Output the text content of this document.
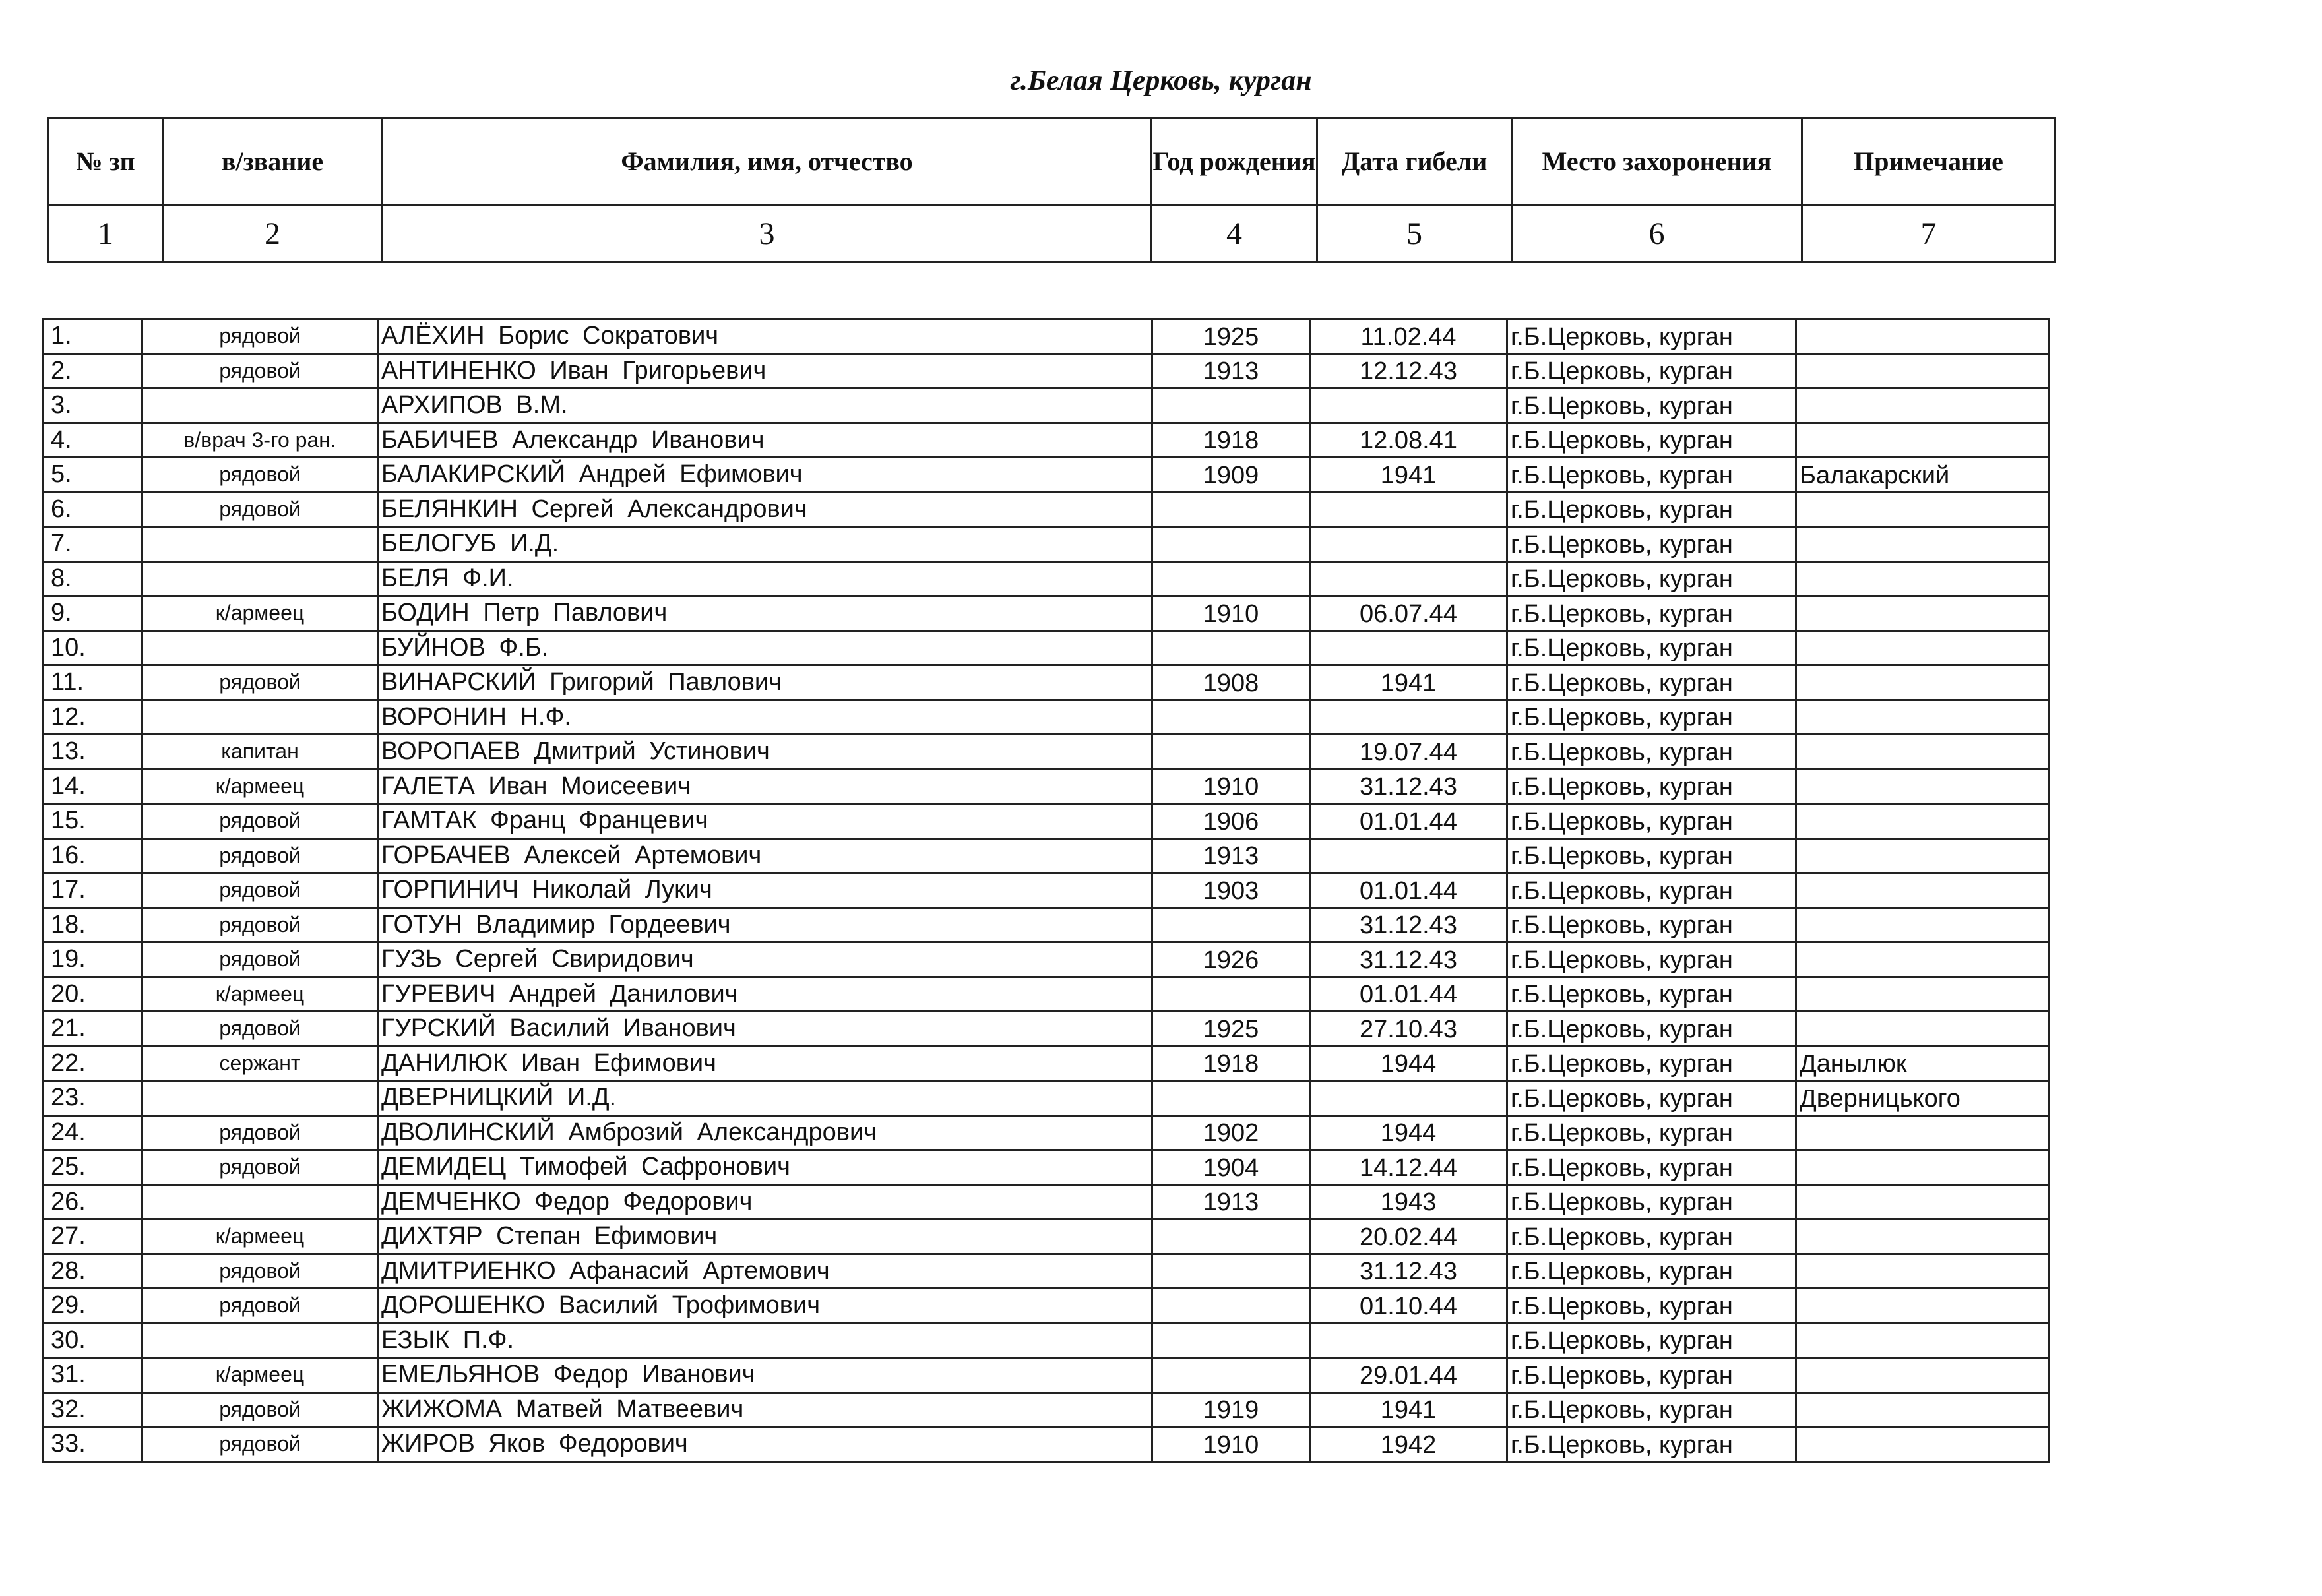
г.Белая Церковь, курган
№ зп	в/звание	Фамилия, имя, отчество	Год рождения	Дата гибели	Место захоронения	Примечание
1	2	3	4	5	6	7
1.	рядовой	АЛЁХИН Борис Сократович	1925	11.02.44	г.Б.Церковь, курган	
2.	рядовой	АНТИНЕНКО Иван Григорьевич	1913	12.12.43	г.Б.Церковь, курган	
3.		АРХИПОВ В.М.			г.Б.Церковь, курган	
4.	в/врач 3-го ран.	БАБИЧЕВ Александр Иванович	1918	12.08.41	г.Б.Церковь, курган	
5.	рядовой	БАЛАКИРСКИЙ Андрей Ефимович	1909	1941	г.Б.Церковь, курган	Балакарский
6.	рядовой	БЕЛЯНКИН Сергей Александрович			г.Б.Церковь, курган	
7.		БЕЛОГУБ И.Д.			г.Б.Церковь, курган	
8.		БЕЛЯ Ф.И.			г.Б.Церковь, курган	
9.	к/армеец	БОДИН Петр Павлович	1910	06.07.44	г.Б.Церковь, курган	
10.		БУЙНОВ Ф.Б.			г.Б.Церковь, курган	
11.	рядовой	ВИНАРСКИЙ Григорий Павлович	1908	1941	г.Б.Церковь, курган	
12.		ВОРОНИН Н.Ф.			г.Б.Церковь, курган	
13.	капитан	ВОРОПАЕВ Дмитрий Устинович		19.07.44	г.Б.Церковь, курган	
14.	к/армеец	ГАЛЕТА Иван Моисеевич	1910	31.12.43	г.Б.Церковь, курган	
15.	рядовой	ГАМТАК Франц Францевич	1906	01.01.44	г.Б.Церковь, курган	
16.	рядовой	ГОРБАЧЕВ Алексей Артемович	1913		г.Б.Церковь, курган	
17.	рядовой	ГОРПИНИЧ Николай Лукич	1903	01.01.44	г.Б.Церковь, курган	
18.	рядовой	ГОТУН Владимир Гордеевич		31.12.43	г.Б.Церковь, курган	
19.	рядовой	ГУЗЬ Сергей Свиридович	1926	31.12.43	г.Б.Церковь, курган	
20.	к/армеец	ГУРЕВИЧ Андрей Данилович		01.01.44	г.Б.Церковь, курган	
21.	рядовой	ГУРСКИЙ Василий Иванович	1925	27.10.43	г.Б.Церковь, курган	
22.	сержант	ДАНИЛЮК Иван Ефимович	1918	1944	г.Б.Церковь, курган	Данылюк
23.		ДВЕРНИЦКИЙ И.Д.			г.Б.Церковь, курган	Дверницького
24.	рядовой	ДВОЛИНСКИЙ Амброзий Александрович	1902	1944	г.Б.Церковь, курган	
25.	рядовой	ДЕМИДЕЦ Тимофей Сафронович	1904	14.12.44	г.Б.Церковь, курган	
26.		ДЕМЧЕНКО Федор Федорович	1913	1943	г.Б.Церковь, курган	
27.	к/армеец	ДИХТЯР Степан Ефимович		20.02.44	г.Б.Церковь, курган	
28.	рядовой	ДМИТРИЕНКО Афанасий Артемович		31.12.43	г.Б.Церковь, курган	
29.	рядовой	ДОРОШЕНКО Василий Трофимович		01.10.44	г.Б.Церковь, курган	
30.		ЕЗЫК П.Ф.			г.Б.Церковь, курган	
31.	к/армеец	ЕМЕЛЬЯНОВ Федор Иванович		29.01.44	г.Б.Церковь, курган	
32.	рядовой	ЖИЖОМА Матвей Матвеевич	1919	1941	г.Б.Церковь, курган	
33.	рядовой	ЖИРОВ Яков Федорович	1910	1942	г.Б.Церковь, курган	
